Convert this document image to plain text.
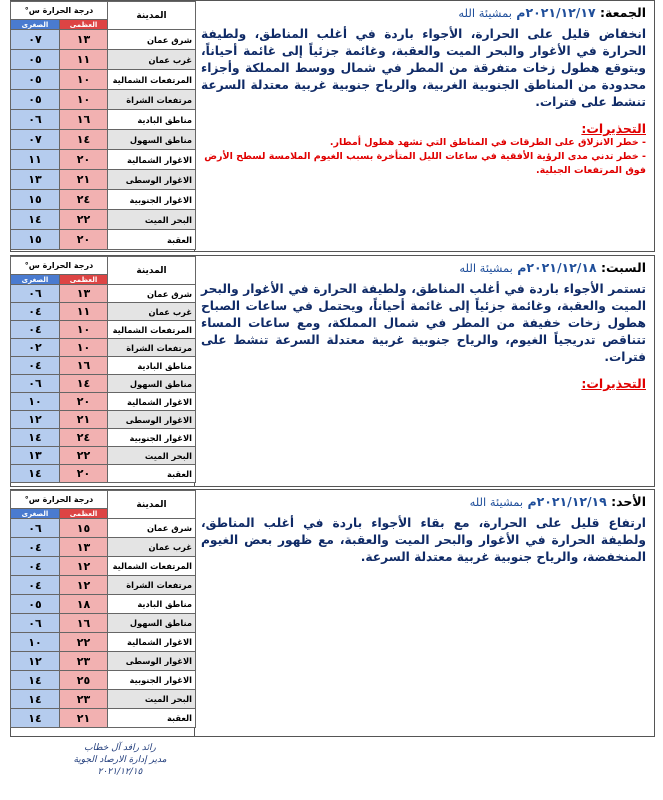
الجمعة: ٢٠٢١/١٢/١٧م بمشيئة الله
انخفاض قليل على الحرارة، الأجواء باردة في أغلب المناطق، ولطيفة الحرارة في الأغوار والبحر الميت والعقبة، وغائمة جزئياً إلى غائمة أحياناً، ويتوقع هطول زخات متفرقة من المطر في شمال ووسط المملكة وأجزاء محدودة من المناطق الجنوبية الغربية، والرياح جنوبية غربية معتدلة السرعة تنشط على فترات.
التحذيرات:
- خطر الانزلاق على الطرقات في المناطق التي تشهد هطول أمطار.
- خطر تدني مدى الرؤية الأفقية في ساعات الليل المتأخرة بسبب الغيوم الملامسة لسطح الأرض فوق المرتفعات الجبلية.
المدينة	درجة الحرارة س°	
	العظمى	الصغرى
شرق عمان	١٣	٠٧
غرب عمان	١١	٠٥
المرتفعات الشمالية	١٠	٠٥
مرتفعات الشراة	١٠	٠٥
مناطق البادية	١٦	٠٦
مناطق السهول	١٤	٠٧
الاغوار الشمالية	٢٠	١١
الاغوار الوسطى	٢١	١٣
الاغوار الجنوبية	٢٤	١٥
البحر الميت	٢٢	١٤
العقبة	٢٠	١٥
السبت: ٢٠٢١/١٢/١٨م بمشيئة الله
تستمر الأجواء باردة في أغلب المناطق، ولطيفة الحرارة في الأغوار والبحر الميت والعقبة، وغائمة جزئياً إلى غائمة أحياناً، ويحتمل في ساعات الصباح هطول زخات خفيفة من المطر في شمال المملكة، ومع ساعات المساء تتناقص تدريجياً الغيوم، والرياح جنوبية غربية معتدلة السرعة تنشط على فترات.
التحذيرات:
المدينة	درجة الحرارة س°	
	العظمى	الصغرى
شرق عمان	١٣	٠٦
غرب عمان	١١	٠٤
المرتفعات الشمالية	١٠	٠٤
مرتفعات الشراة	١٠	٠٢
مناطق البادية	١٦	٠٤
مناطق السهول	١٤	٠٦
الاغوار الشمالية	٢٠	١٠
الاغوار الوسطى	٢١	١٢
الاغوار الجنوبية	٢٤	١٤
البحر الميت	٢٢	١٣
العقبة	٢٠	١٤
الأحد: ٢٠٢١/١٢/١٩م بمشيئة الله
ارتفاع قليل على الحرارة، مع بقاء الأجواء باردة في أغلب المناطق، ولطيفة الحرارة في الأغوار والبحر الميت والعقبة، مع ظهور بعض الغيوم المنخفضة، والرياح جنوبية غربية معتدلة السرعة.
المدينة	درجة الحرارة س°	
	العظمى	الصغرى
شرق عمان	١٥	٠٦
غرب عمان	١٣	٠٤
المرتفعات الشمالية	١٢	٠٤
مرتفعات الشراة	١٢	٠٤
مناطق البادية	١٨	٠٥
مناطق السهول	١٦	٠٦
الاغوار الشمالية	٢٢	١٠
الاغوار الوسطى	٢٣	١٢
الاغوار الجنوبية	٢٥	١٤
البحر الميت	٢٣	١٤
العقبة	٢١	١٤
رائد رافد آل خطاب
مدير إدارة الارصاد الجوية
٢٠٢١/١٢/١٥
